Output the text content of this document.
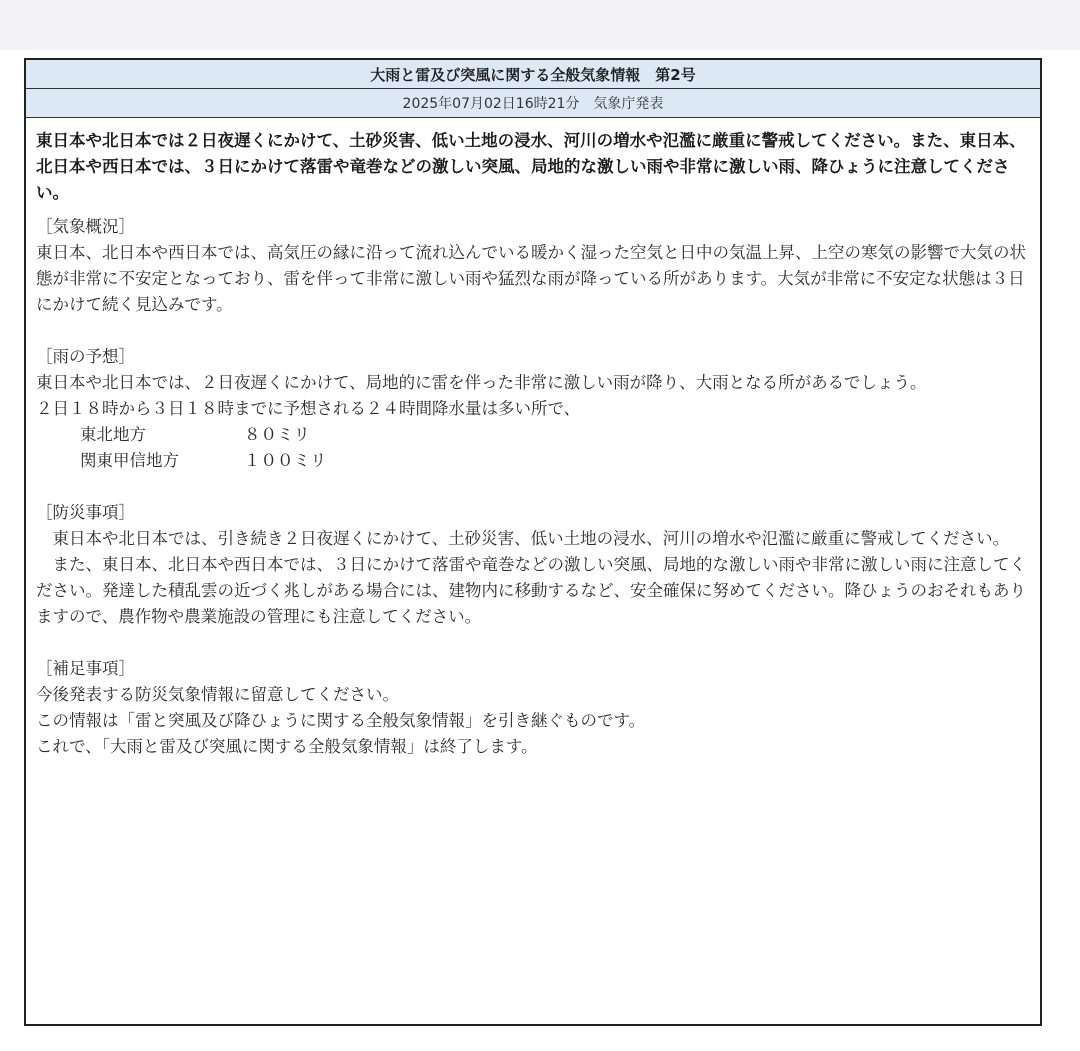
大雨と雷及び突風に関する全般気象情報　第2号
2025年07月02日16時21分　気象庁発表

東日本や北日本では２日夜遅くにかけて、土砂災害、低い土地の浸水、河川の増水や氾濫に厳重に警戒してください。また、東日本、北日本や西日本では、３日にかけて落雷や竜巻などの激しい突風、局地的な激しい雨や非常に激しい雨、降ひょうに注意してください。

［気象概況］

東日本、北日本や西日本では、高気圧の縁に沿って流れ込んでいる暖かく湿った空気と日中の気温上昇、上空の寒気の影響で大気の状態が非常に不安定となっており、雷を伴って非常に激しい雨や猛烈な雨が降っている所があります。大気が非常に不安定な状態は３日にかけて続く見込みです。

［雨の予想］

東日本や北日本では、２日夜遅くにかけて、局地的に雷を伴った非常に激しい雨が降り、大雨となる所があるでしょう。

２日１８時から３日１８時までに予想される２４時間降水量は多い所で、

東北地方	８０ミリ
関東甲信地方	１００ミリ

［防災事項］

　東日本や北日本では、引き続き２日夜遅くにかけて、土砂災害、低い土地の浸水、河川の増水や氾濫に厳重に警戒してください。

　また、東日本、北日本や西日本では、３日にかけて落雷や竜巻などの激しい突風、局地的な激しい雨や非常に激しい雨に注意してください。発達した積乱雲の近づく兆しがある場合には、建物内に移動するなど、安全確保に努めてください。降ひょうのおそれもありますので、農作物や農業施設の管理にも注意してください。

［補足事項］

今後発表する防災気象情報に留意してください。

この情報は「雷と突風及び降ひょうに関する全般気象情報」を引き継ぐものです。

これで、「大雨と雷及び突風に関する全般気象情報」は終了します。
